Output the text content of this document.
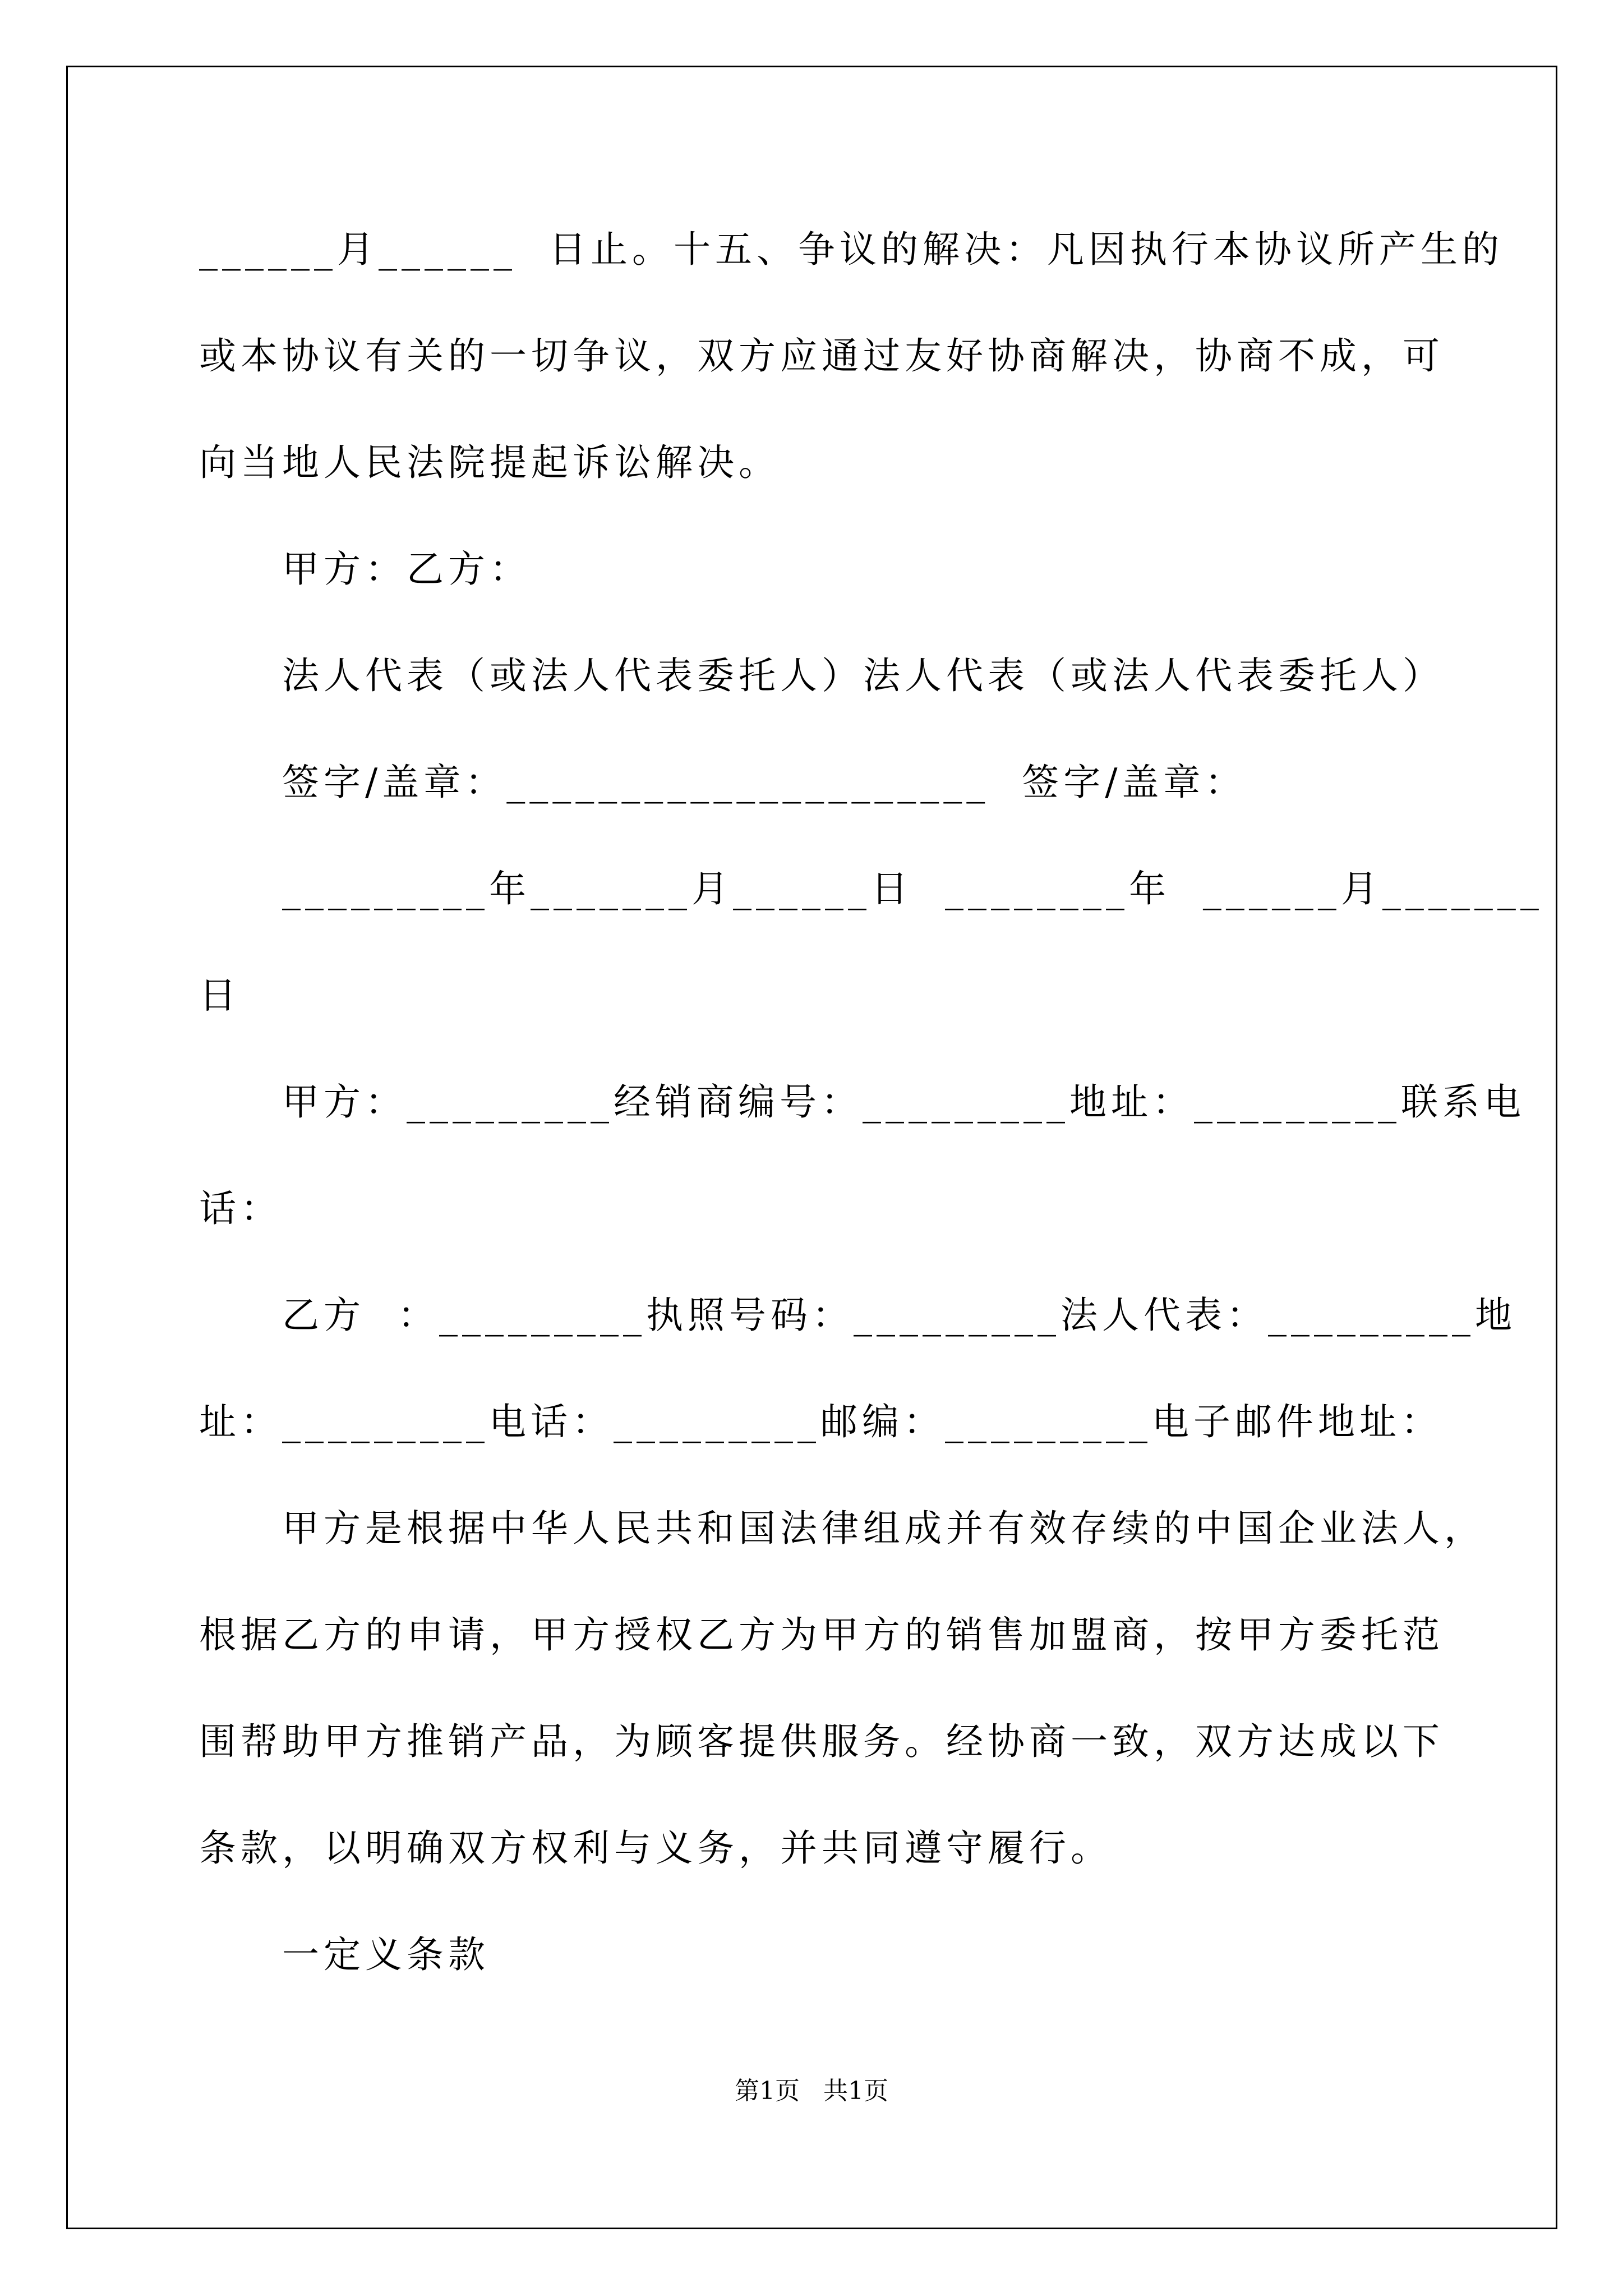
______月______  日止。十五、争议的解决：凡因执行本协议所产生的
或本协议有关的一切争议，双方应通过友好协商解决，协商不成，可
向当地人民法院提起诉讼解决。
甲方：乙方：
法人代表（或法人代表委托人）法人代表（或法人代表委托人）
签字/盖章：_____________________  签字/盖章：
_________年_______月______日  ________年  ______月_______
日
甲方：_________经销商编号：_________地址：_________联系电
话：
乙方  ：_________执照号码：_________法人代表：_________地
址：_________电话：_________邮编：_________电子邮件地址：
甲方是根据中华人民共和国法律组成并有效存续的中国企业法人，
根据乙方的申请，甲方授权乙方为甲方的销售加盟商，按甲方委托范
围帮助甲方推销产品，为顾客提供服务。经协商一致，双方达成以下
条款，以明确双方权利与义务，并共同遵守履行。
一定义条款
第1页   共1页
